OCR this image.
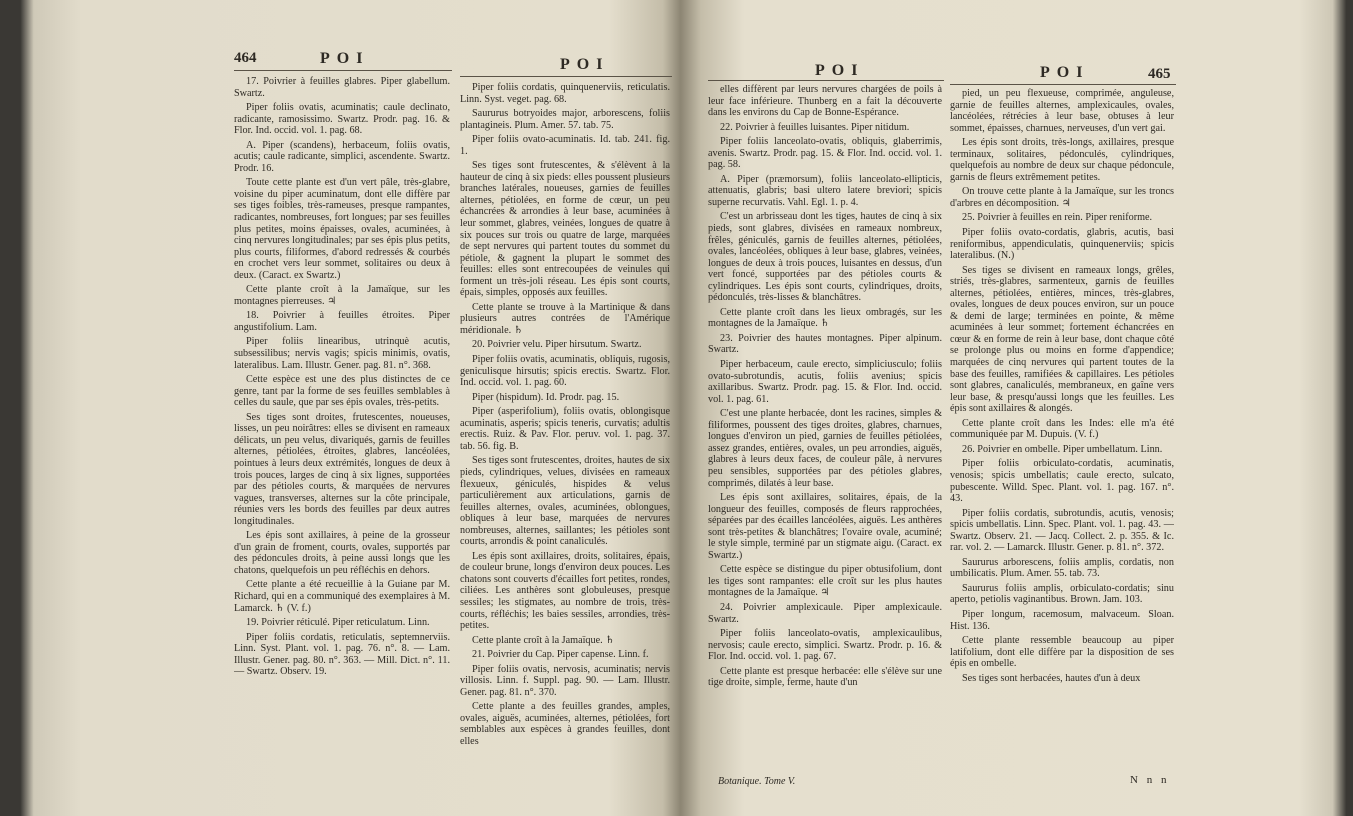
464	POI

17. Poivrier à feuilles glabres. Piper glabellum. Swartz.

Piper foliis ovatis, acuminatis; caule declinato, radicante, ramosissimo. Swartz. Prodr. pag. 16. & Flor. Ind. occid. vol. 1. pag. 68.

A. Piper (scandens), herbaceum, foliis ovatis, acutis; caule radicante, simplici, ascendente. Swartz. Prodr. 16.

Toute cette plante est d'un vert pâle, très-glabre, voisine du piper acuminatum, dont elle diffère par ses tiges foibles, très-rameuses, presque rampantes, radicantes, nombreuses, fort longues; par ses feuilles plus petites, moins épaisses, ovales, acuminées, à cinq nervures longitudinales; par ses épis plus petits, plus courts, filiformes, d'abord redressés & courbés en crochet vers leur sommet, solitaires ou deux à deux. (Caract. ex Swartz.)

Cette plante croît à la Jamaïque, sur les montagnes pierreuses. ♃

18. Poivrier à feuilles étroites. Piper angustifolium. Lam.

Piper foliis linearibus, utrinquè acutis, subsessilibus; nervis vagis; spicis minimis, ovatis, lateralibus. Lam. Illustr. Gener. pag. 81. n°. 368.

Cette espèce est une des plus distinctes de ce genre, tant par la forme de ses feuilles semblables à celles du saule, que par ses épis ovales, très-petits.

Ses tiges sont droites, frutescentes, noueuses, lisses, un peu noirâtres: elles se divisent en rameaux délicats, un peu velus, divariqués, garnis de feuilles alternes, pétiolées, étroites, glabres, lancéolées, pointues à leurs deux extrémités, longues de deux à trois pouces, larges de cinq à six lignes, supportées par des pétioles courts, & marquées de nervures vagues, transverses, alternes sur la côte principale, réunies vers les bords des feuilles par deux autres longitudinales.

Les épis sont axillaires, à peine de la grosseur d'un grain de froment, courts, ovales, supportés par des pédoncules droits, à peine aussi longs que les chatons, quelquefois un peu réfléchis en dehors.

Cette plante a été recueillie à la Guiane par M. Richard, qui en a communiqué des exemplaires à M. Lamarck. ♄ (V. f.)

19. Poivrier réticulé. Piper reticulatum. Linn.

Piper foliis cordatis, reticulatis, septemnerviis. Linn. Syst. Plant. vol. 1. pag. 76. n°. 8. — Lam. Illustr. Gener. pag. 80. n°. 363. — Mill. Dict. n°. 11. — Swartz. Observ. 19.

POI

Piper foliis cordatis, quinquenerviis, reticulatis. Linn. Syst. veget. pag. 68.

Saururus botryoides major, arborescens, foliis plantagineis. Plum. Amer. 57. tab. 75.

Piper foliis ovato-acuminatis. Id. tab. 241. fig. 1.

Ses tiges sont frutescentes, & s'élèvent à la hauteur de cinq à six pieds: elles poussent plusieurs branches latérales, noueuses, garnies de feuilles alternes, pétiolées, en forme de cœur, un peu échancrées & arrondies à leur base, acuminées à leur sommet, glabres, veinées, longues de quatre à six pouces sur trois ou quatre de large, marquées de sept nervures qui partent toutes du sommet du pétiole, & gagnent la plupart le sommet des feuilles: elles sont entrecoupées de veinules qui forment un très-joli réseau. Les épis sont courts, épais, simples, opposés aux feuilles.

Cette plante se trouve à la Martinique & dans plusieurs autres contrées de l'Amérique méridionale. ♄

20. Poivrier velu. Piper hirsutum. Swartz.

Piper foliis ovatis, acuminatis, obliquis, rugosis, geniculisque hirsutis; spicis erectis. Swartz. Flor. Ind. occid. vol. 1. pag. 60.

Piper (hispidum). Id. Prodr. pag. 15.

Piper (asperifolium), foliis ovatis, oblongisque acuminatis, asperis; spicis teneris, curvatis; adultis erectis. Ruiz. & Pav. Flor. peruv. vol. 1. pag. 37. tab. 56. fig. B.

Ses tiges sont frutescentes, droites, hautes de six pieds, cylindriques, velues, divisées en rameaux flexueux, géniculés, hispides & velus particulièrement aux articulations, garnis de feuilles alternes, ovales, acuminées, oblongues, obliques à leur base, marquées de nervures nombreuses, alternes, saillantes; les pétioles sont courts, arrondis & point canaliculés.

Les épis sont axillaires, droits, solitaires, épais, de couleur brune, longs d'environ deux pouces. Les chatons sont couverts d'écailles fort petites, rondes, ciliées. Les anthères sont globuleuses, presque sessiles; les stigmates, au nombre de trois, très-courts, réfléchis; les baies sessiles, arrondies, très-petites.

Cette plante croît à la Jamaïque. ♄

21. Poivrier du Cap. Piper capense. Linn. f.

Piper foliis ovatis, nervosis, acuminatis; nervis villosis. Linn. f. Suppl. pag. 90. — Lam. Illustr. Gener. pag. 81. n°. 370.

Cette plante a des feuilles grandes, amples, ovales, aiguës, acuminées, alternes, pétiolées, fort semblables aux espèces à grandes feuilles, dont elles

POI

elles diffèrent par leurs nervures chargées de poils à leur face inférieure. Thunberg en a fait la découverte dans les environs du Cap de Bonne-Espérance.

22. Poivrier à feuilles luisantes. Piper nitidum.

Piper foliis lanceolato-ovatis, obliquis, glaberrimis, avenis. Swartz. Prodr. pag. 15. & Flor. Ind. occid. vol. 1. pag. 58.

A. Piper (præmorsum), foliis lanceolato-ellipticis, attenuatis, glabris; basi ultero latere breviori; spicis superne recurvatis. Vahl. Egl. 1. p. 4.

C'est un arbrisseau dont les tiges, hautes de cinq à six pieds, sont glabres, divisées en rameaux nombreux, frêles, géniculés, garnis de feuilles alternes, pétiolées, ovales, lancéolées, obliques à leur base, glabres, veinées, longues de deux à trois pouces, luisantes en dessus, d'un vert foncé, supportées par des pétioles courts & cylindriques. Les épis sont courts, cylindriques, droits, pédonculés, très-lisses & blanchâtres.

Cette plante croît dans les lieux ombragés, sur les montagnes de la Jamaïque. ♄

23. Poivrier des hautes montagnes. Piper alpinum. Swartz.

Piper herbaceum, caule erecto, simpliciusculo; foliis ovato-subrotundis, acutis, foliis avenius; spicis axillaribus. Swartz. Prodr. pag. 15. & Flor. Ind. occid. vol. 1. pag. 61.

C'est une plante herbacée, dont les racines, simples & filiformes, poussent des tiges droites, glabres, charnues, longues d'environ un pied, garnies de feuilles pétiolées, assez grandes, entières, ovales, un peu arrondies, aiguës, glabres à leurs deux faces, de couleur pâle, à nervures peu sensibles, supportées par des pétioles glabres, comprimés, dilatés à leur base.

Les épis sont axillaires, solitaires, épais, de la longueur des feuilles, composés de fleurs rapprochées, séparées par des écailles lancéolées, aiguës. Les anthères sont très-petites & blanchâtres; l'ovaire ovale, acuminé; le style simple, terminé par un stigmate aigu. (Caract. ex Swartz.)

Cette espèce se distingue du piper obtusifolium, dont les tiges sont rampantes: elle croît sur les plus hautes montagnes de la Jamaïque. ♃

24. Poivrier amplexicaule. Piper amplexicaule. Swartz.

Piper foliis lanceolato-ovatis, amplexicaulibus, nervosis; caule erecto, simplici. Swartz. Prodr. p. 16. & Flor. Ind. occid. vol. 1. pag. 67.

Cette plante est presque herbacée: elle s'élève sur une tige droite, simple, ferme, haute d'un

Botanique. Tome V.
POI	465

pied, un peu flexueuse, comprimée, anguleuse, garnie de feuilles alternes, amplexicaules, ovales, lancéolées, rétrécies à leur base, obtuses à leur sommet, épaisses, charnues, nerveuses, d'un vert gai.

Les épis sont droits, très-longs, axillaires, presque terminaux, solitaires, pédonculés, cylindriques, quelquefois au nombre de deux sur chaque pédoncule, garnis de fleurs extrêmement petites.

On trouve cette plante à la Jamaïque, sur les troncs d'arbres en décomposition. ♃

25. Poivrier à feuilles en rein. Piper reniforme.

Piper foliis ovato-cordatis, glabris, acutis, basi reniformibus, appendiculatis, quinquenerviis; spicis lateralibus. (N.)

Ses tiges se divisent en rameaux longs, grêles, striés, très-glabres, sarmenteux, garnis de feuilles alternes, pétiolées, entières, minces, très-glabres, ovales, longues de deux pouces environ, sur un pouce & demi de large; terminées en pointe, & même acuminées à leur sommet; fortement échancrées en cœur & en forme de rein à leur base, dont chaque côté se prolonge plus ou moins en forme d'appendice; marquées de cinq nervures qui partent toutes de la base des feuilles, ramifiées & capillaires. Les pétioles sont glabres, canaliculés, membraneux, en gaîne vers leur base, & presqu'aussi longs que les feuilles. Les épis sont axillaires & alongés.

Cette plante croît dans les Indes: elle m'a été communiquée par M. Dupuis. (V. f.)

26. Poivrier en ombelle. Piper umbellatum. Linn.

Piper foliis orbiculato-cordatis, acuminatis, venosis; spicis umbellatis; caule erecto, sulcato, pubescente. Willd. Spec. Plant. vol. 1. pag. 167. n°. 43.

Piper foliis cordatis, subrotundis, acutis, venosis; spicis umbellatis. Linn. Spec. Plant. vol. 1. pag. 43. — Swartz. Observ. 21. — Jacq. Collect. 2. p. 355. & Ic. rar. vol. 2. — Lamarck. Illustr. Gener. p. 81. n°. 372.

Saururus arborescens, foliis amplis, cordatis, non umbilicatis. Plum. Amer. 55. tab. 73.

Saururus foliis amplis, orbiculato-cordatis; sinu aperto, petiolis vaginantibus. Brown. Jam. 103.

Piper longum, racemosum, malvaceum. Sloan. Hist. 136.

Cette plante ressemble beaucoup au piper latifolium, dont elle diffère par la disposition de ses épis en ombelle.

Ses tiges sont herbacées, hautes d'un à deux

N n n
